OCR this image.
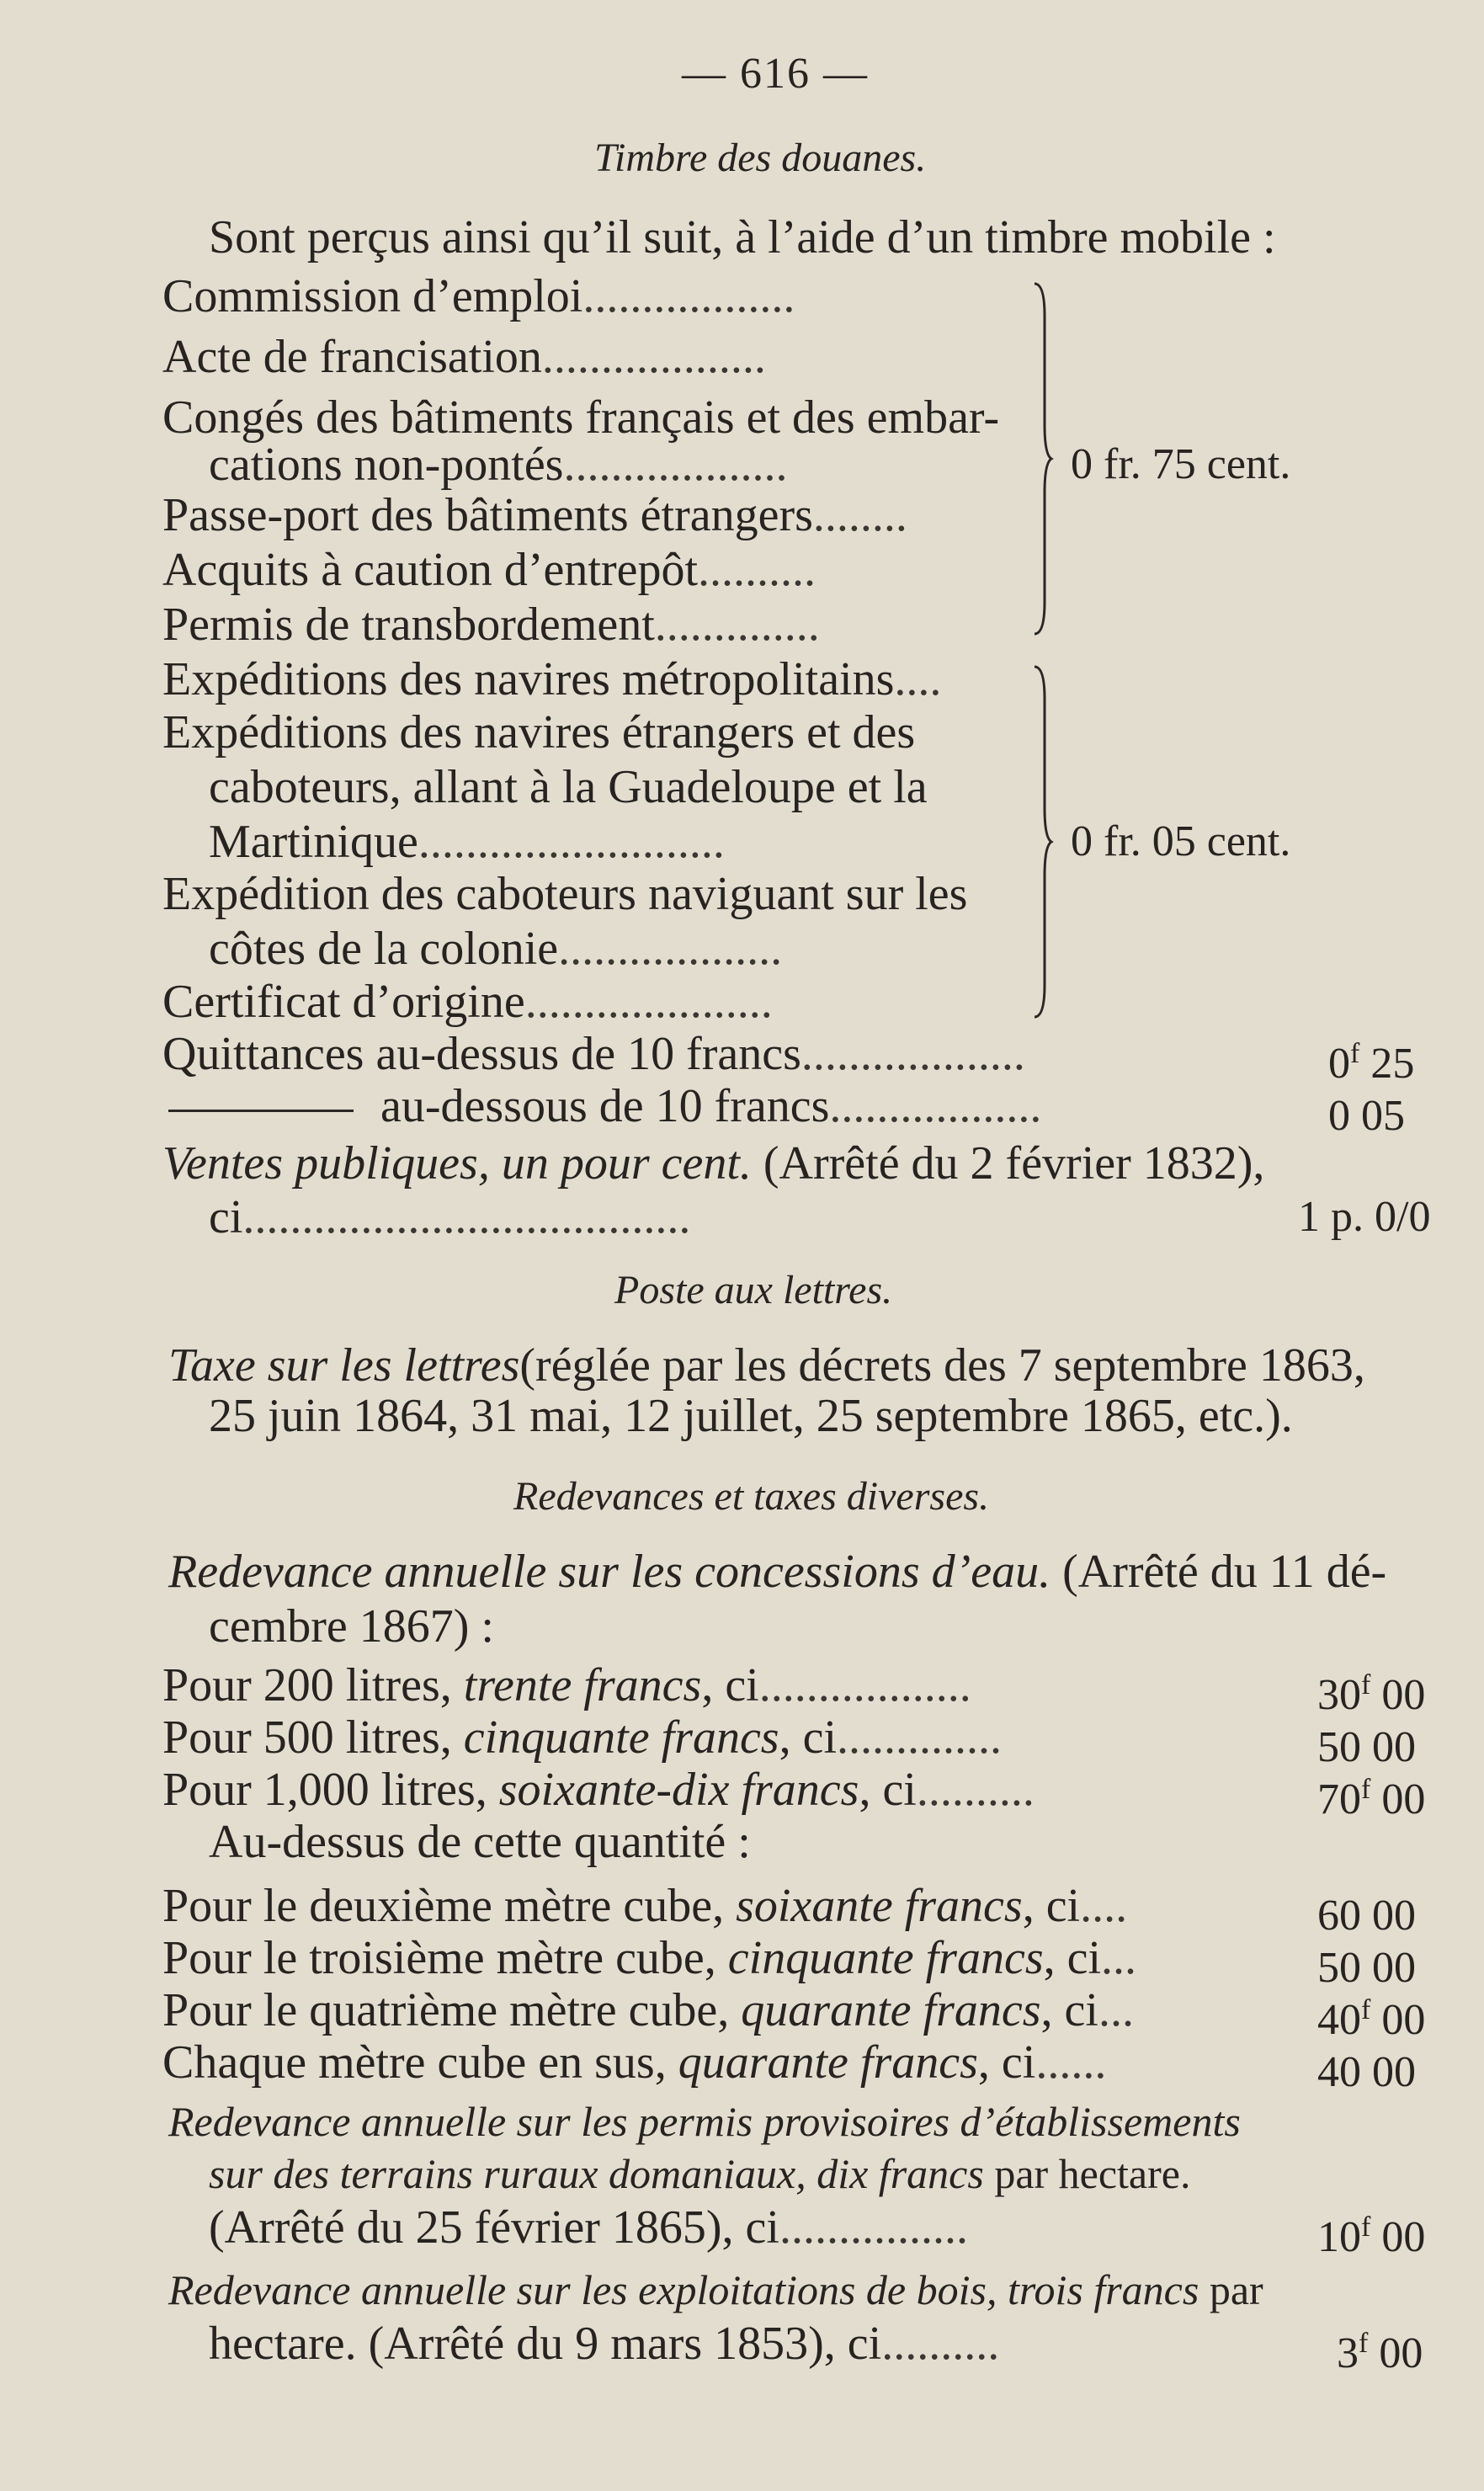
— 616 —
Timbre des douanes.
Sont perçus ainsi qu’il suit, à l’aide d’un timbre mobile :
Commission d’emploi..................
Acte de francisation...................
Congés des bâtiments français et des embar-
cations non-pontés...................
Passe-port des bâtiments étrangers........
Acquits à caution d’entrepôt..........
Permis de transbordement..............
0 fr. 75 cent.
Expéditions des navires métropolitains....
Expéditions des navires étrangers et des
caboteurs, allant à la Guadeloupe et la
Martinique..........................
Expédition des caboteurs naviguant sur les
côtes de la colonie...................
Certificat d’origine.....................
0 fr. 05 cent.
Quittances au-dessus de 10 francs...................	0$^f$ 25
au-dessous de 10 francs..................	0 05
Ventes publiques, un pour cent. (Arrêté du 2 février 1832),
ci......................................	1 p. 0/0
Poste aux lettres.
Taxe sur les lettres(réglée par les décrets des 7 septembre 1863,
25 juin 1864, 31 mai, 12 juillet, 25 septembre 1865, etc.).
Redevances et taxes diverses.
Redevance annuelle sur les concessions d’eau. (Arrêté du 11 dé-
cembre 1867) :
Pour 200 litres, trente francs, ci..................	30$^f$ 00
Pour 500 litres, cinquante francs, ci..............	50 00
Pour 1,000 litres, soixante-dix francs, ci..........	70$^f$ 00
Au-dessus de cette quantité :
Pour le deuxième mètre cube, soixante francs, ci....	60 00
Pour le troisième mètre cube, cinquante francs, ci...	50 00
Pour le quatrième mètre cube, quarante francs, ci...	40$^f$ 00
Chaque mètre cube en sus, quarante francs, ci......	40 00
Redevance annuelle sur les permis provisoires d’établissements
sur des terrains ruraux domaniaux, dix francs par hectare.
(Arrêté du 25 février 1865), ci................	10$^f$ 00
Redevance annuelle sur les exploitations de bois, trois francs par
hectare. (Arrêté du 9 mars 1853), ci..........	3$^f$ 00
